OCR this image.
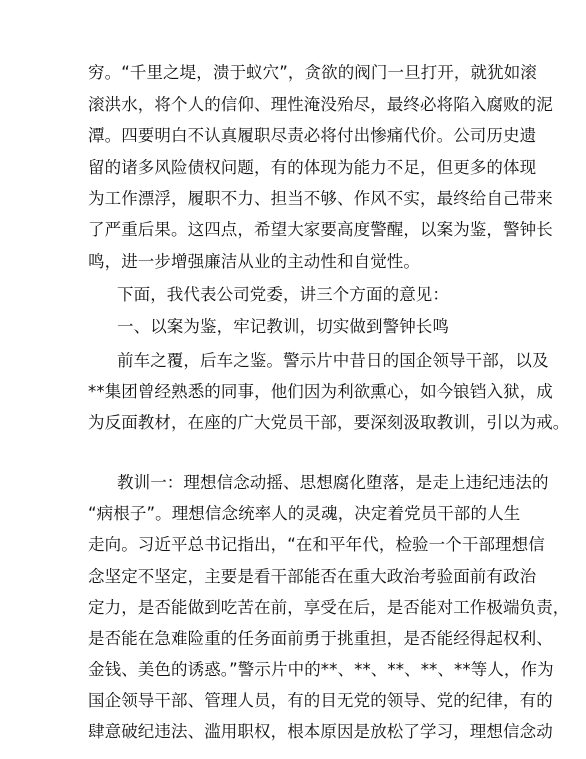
穷。“千里之堤，溃于蚁穴”，贪欲的阀门一旦打开，就犹如滚
滚洪水，将个人的信仰、理性淹没殆尽，最终必将陷入腐败的泥
潭。四要明白不认真履职尽责必将付出惨痛代价。公司历史遗
留的诸多风险债权问题，有的体现为能力不足，但更多的体现
为工作漂浮，履职不力、担当不够、作风不实，最终给自己带来
了严重后果。这四点，希望大家要高度警醒，以案为鉴，警钟长
鸣，进一步增强廉洁从业的主动性和自觉性。
下面，我代表公司党委，讲三个方面的意见：
一、以案为鉴，牢记教训，切实做到警钟长鸣
前车之覆，后车之鉴。警示片中昔日的国企领导干部，以及
**集团曾经熟悉的同事，他们因为利欲熏心，如今锒铛入狱，成
为反面教材，在座的广大党员干部，要深刻汲取教训，引以为戒。
教训一：理想信念动摇、思想腐化堕落，是走上违纪违法的
“病根子”。理想信念统率人的灵魂，决定着党员干部的人生
走向。习近平总书记指出，“在和平年代，检验一个干部理想信
念坚定不坚定，主要是看干部能否在重大政治考验面前有政治
定力，是否能做到吃苦在前，享受在后，是否能对工作极端负责，
是否能在急难险重的任务面前勇于挑重担，是否能经得起权利、
金钱、美色的诱惑。”警示片中的**、**、**、**、**等人，作为
国企领导干部、管理人员，有的目无党的领导、党的纪律，有的
肆意破纪违法、滥用职权，根本原因是放松了学习，理想信念动
